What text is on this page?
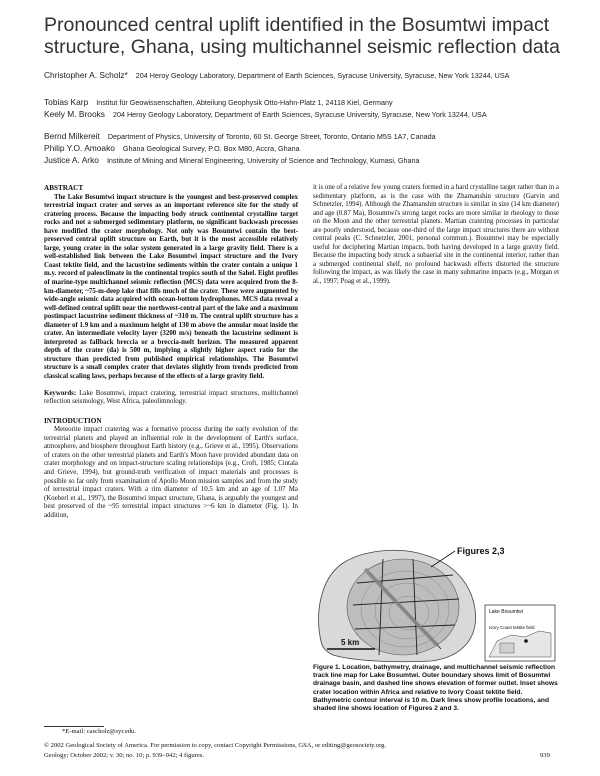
Pronounced central uplift identified in the Bosumtwi impact structure, Ghana, using multichannel seismic reflection data
Christopher A. Scholz* 204 Heroy Geology Laboratory, Department of Earth Sciences, Syracuse University, Syracuse, New York 13244, USA
Tobias Karp Institut für Geowissenschaften, Abteilung Geophysik Otto-Hahn-Platz 1, 24118 Kiel, Germany
Keely M. Brooks 204 Heroy Geology Laboratory, Department of Earth Sciences, Syracuse University, Syracuse, New York 13244, USA
Bernd Milkereit Department of Physics, University of Toronto, 60 St. George Street, Toronto, Ontario M5S 1A7, Canada
Philip Y.O. Amoako Ghana Geological Survey, P.O. Box M80, Accra, Ghana
Justice A. Arko Institute of Mining and Mineral Engineering, University of Science and Technology, Kumasi, Ghana
ABSTRACT

The Lake Bosumtwi impact structure is the youngest and best-preserved complex terrestrial impact crater and serves as an important reference site for the study of cratering process. Because the impacting body struck continental crystalline target rocks and not a submerged sedimentary platform, no significant backwash processes have modified the crater morphology. Not only was Bosumtwi contain the best-preserved central uplift structure on Earth, but it is the most accessible relatively large, young crater in the solar system generated in a large gravity field. There is a well-established link between the Lake Bosumtwi impact structure and the Ivory Coast tektite field, and the lacustrine sediments within the crater contain a unique 1 m.y. record of paleoclimate in the continental tropics south of the Sahel. Eight profiles of marine-type multichannel seismic reflection (MCS) data were acquired from the 8-km-diameter, ~75-m-deep lake that fills much of the crater. These were augmented by wide-angle seismic data acquired with ocean-bottom hydrophones. MCS data reveal a well-defined central uplift near the northwest-central part of the lake and a maximum postimpact lacustrine sediment thickness of ~310 m. The central uplift structure has a diameter of 1.9 km and a maximum height of 130 m above the annular moat inside the crater. An intermediate velocity layer (3200 m/s) beneath the lacustrine sediment is interpreted as fallback breccia or a breccia-melt horizon. The measured apparent depth of the crater (da) is 500 m, implying a slightly higher aspect ratio for the structure than predicted from published empirical relationships. The Bosumtwi structure is a small complex crater that deviates slightly from trends predicted from classical scaling laws, perhaps because of the effects of a large gravity field.

Keywords: Lake Bosumtwi, impact cratering, terrestrial impact structures, multichannel reflection seismology, West Africa, paleolimnology.

INTRODUCTION

Meteorite impact cratering was a formative process during the early evolution of the terrestrial planets and played an influential role in the development of Earth's surface, atmosphere, and biosphere throughout Earth history (e.g., Grieve et al., 1995). Observations of craters on the other terrestrial planets and Earth's Moon have provided abundant data on crater morphology and on impact-structure scaling relationships (e.g., Croft, 1985; Cintala and Grieve, 1994), but ground-truth verification of impact materials and processes is possible so far only from examination of Apollo Moon mission samples and from the study of terrestrial impact craters. With a rim diameter of 10.5 km and an age of 1.07 Ma (Koeberl et al., 1997), the Bosumtwi impact structure, Ghana, is arguably the youngest and best preserved of the ~95 terrestrial impact structures >~6 km in diameter (Fig. 1). In addition,

it is one of a relative few young craters formed in a hard crystalline target rather than in a sedimentary platform, as is the case with the Zhamanshin structure (Garvin and Schnetzler, 1994). Although the Zhamanshin structure is similar in size (14 km diameter) and age (0.87 Ma), Bosumtwi's strong target rocks are more similar in rheology to those on the Moon and the other terrestrial planets. Martian cratering processes in particular are poorly understood, because one-third of the large impact structures there are without central peaks (C. Schnetzler, 2001, personal commun.). Bosumtwi may be especially useful for deciphering Martian impacts, both having developed in a large gravity field. Because the impacting body struck a subaerial site in the continental interior, rather than a submerged continental shelf, no profound backwash effects distorted the structure following the impact, as was likely the case in many submarine impacts (e.g., Morgan et al., 1997; Poag et al., 1999).

Figures 2,3
5 km
Lake Bosumtwi
Ivory Coast tektite field

Figure 1. Location, bathymetry, drainage, and multichannel seismic reflection track line map for Lake Bosumtwi. Outer boundary shows limit of Bosumtwi drainage basin, and dashed line shows elevation of former outlet. Inset shows crater location within Africa and relative to Ivory Coast tektite field. Bathymetric contour interval is 10 m. Dark lines show profile locations, and shaded line shows location of Figures 2 and 3.

*E-mail: cascholz@syr.edu.
© 2002 Geological Society of America. For permission to copy, contact Copyright Permissions, GSA, or editing@geosociety.org.
Geology; October 2002; v. 30; no. 10; p. 939–942; 4 figures.	939
